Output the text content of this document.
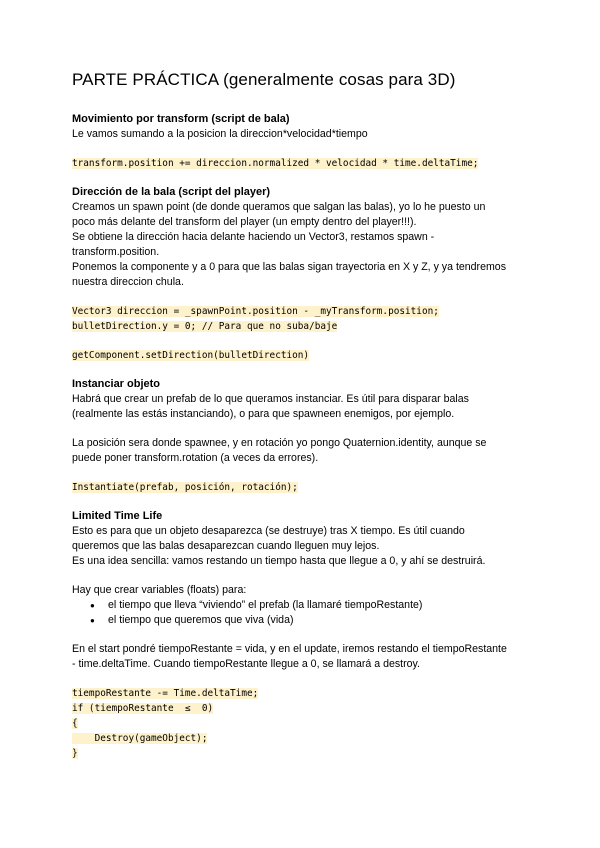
PARTE PRÁCTICA (generalmente cosas para 3D)

Movimiento por transform (script de bala)

Le vamos sumando a la posicion la direccion*velocidad*tiempo

transform.position += direccion.normalized * velocidad * time.deltaTime;

Dirección de la bala (script del player)

Creamos un spawn point (de donde queramos que salgan las balas), yo lo he puesto un

poco más delante del transform del player (un empty dentro del player!!!).

Se obtiene la dirección hacia delante haciendo un Vector3, restamos spawn -

transform.position.

Ponemos la componente y a 0 para que las balas sigan trayectoria en X y Z, y ya tendremos

nuestra direccion chula.

Vector3 direccion = _spawnPoint.position - _myTransform.position;

bulletDirection.y = 0; // Para que no suba/baje

getComponent.setDirection(bulletDirection)

Instanciar objeto

Habrá que crear un prefab de lo que queramos instanciar. Es útil para disparar balas

(realmente las estás instanciando), o para que spawneen enemigos, por ejemplo.

La posición sera donde spawnee, y en rotación yo pongo Quaternion.identity, aunque se

puede poner transform.rotation (a veces da errores).

Instantiate(prefab, posición, rotación);

Limited Time Life

Esto es para que un objeto desaparezca (se destruye) tras X tiempo. Es útil cuando

queremos que las balas desaparezcan cuando lleguen muy lejos.

Es una idea sencilla: vamos restando un tiempo hasta que llegue a 0, y ahí se destruirá.

Hay que crear variables (floats) para:

● el tiempo que lleva “viviendo” el prefab (la llamaré tiempoRestante)
● el tiempo que queremos que viva (vida)

En el start pondré tiempoRestante = vida, y en el update, iremos restando el tiempoRestante

- time.deltaTime. Cuando tiempoRestante llegue a 0, se llamará a destroy.

tiempoRestante -= Time.deltaTime;

if (tiempoRestante  ≤  0)

{

Destroy(gameObject);

}
